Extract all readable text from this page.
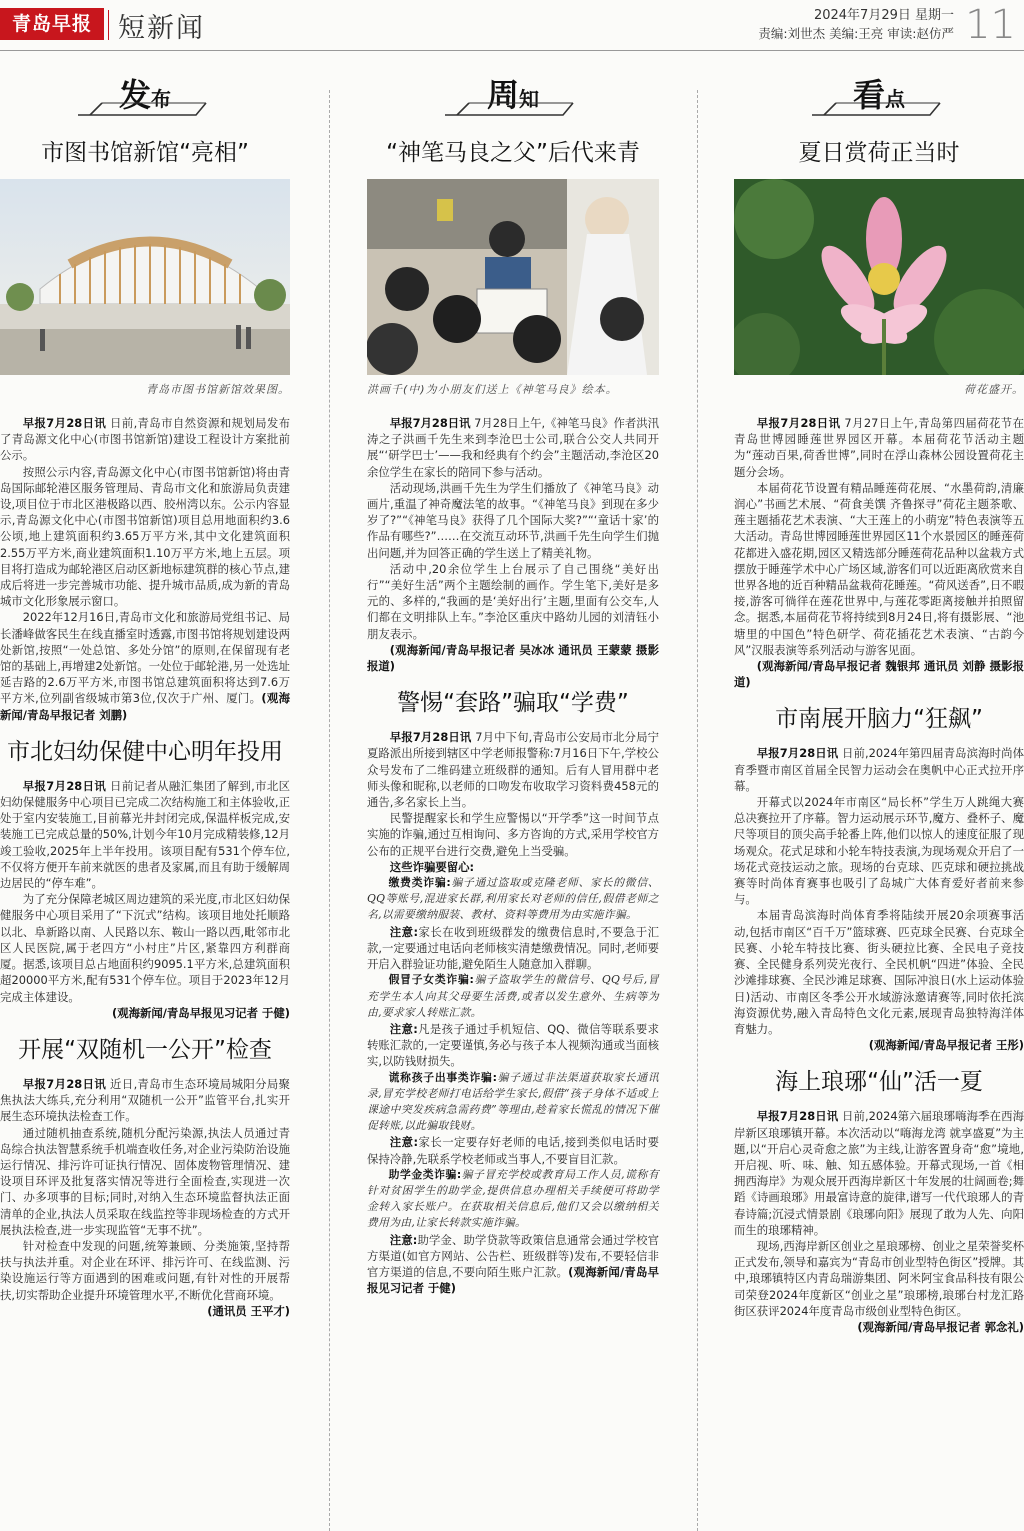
青岛早报 短新闻	2024年7月29日 星期一
责编:刘世杰 美编:王亮 审读:赵仿严 11
发布
市图书馆新馆“亮相”
青岛市图书馆新馆效果图。

早报7月28日讯 日前,青岛市自然资源和规划局发布了青岛源文化中心(市图书馆新馆)建设工程设计方案批前公示。

按照公示内容,青岛源文化中心(市图书馆新馆)将由青岛国际邮轮港区服务管理局、青岛市文化和旅游局负责建设,项目位于市北区港极路以西、胶州湾以东。公示内容显示,青岛源文化中心(市图书馆新馆)项目总用地面积约3.6公顷,地上建筑面积约3.65万平方米,其中文化建筑面积2.55万平方米,商业建筑面积1.10万平方米,地上五层。项目将打造成为邮轮港区启动区新地标建筑群的核心节点,建成后将进一步完善城市功能、提升城市品质,成为新的青岛城市文化形象展示窗口。

2022年12月16日,青岛市文化和旅游局党组书记、局长潘峰做客民生在线直播室时透露,市图书馆将规划建设两处新馆,按照“一处总馆、多处分馆”的原则,在保留现有老馆的基础上,再增建2处新馆。一处位于邮轮港,另一处选址延吉路的2.6万平方米,市图书馆总建筑面积将达到7.6万平方米,位列副省级城市第3位,仅次于广州、厦门。(观海新闻/青岛早报记者 刘鹏)

市北妇幼保健中心明年投用

早报7月28日讯 日前记者从融汇集团了解到,市北区妇幼保健服务中心项目已完成二次结构施工和主体验收,正处于室内安装施工,目前幕光井封闭完成,保温样板完成,安装施工已完成总量的50%,计划今年10月完成精装修,12月竣工验收,2025年上半年投用。该项目配有531个停车位,不仅将方便开车前来就医的患者及家属,而且有助于缓解周边居民的“停车难”。

为了充分保障老城区周边建筑的采光度,市北区妇幼保健服务中心项目采用了“下沉式”结构。该项目地处托顺路以北、阜新路以南、人民路以东、鞍山一路以西,毗邻市北区人民医院,属于老四方“小村庄”片区,紧靠四方利群商厦。据悉,该项目总占地面积约9095.1平方米,总建筑面积超20000平方米,配有531个停车位。项目于2023年12月完成主体建设。

(观海新闻/青岛早报见习记者 于健)

开展“双随机一公开”检查

早报7月28日讯 近日,青岛市生态环境局城阳分局聚焦执法大练兵,充分利用“双随机一公开”监管平台,扎实开展生态环境执法检查工作。

通过随机抽查系统,随机分配污染源,执法人员通过青岛综合执法智慧系统手机端查收任务,对企业污染防治设施运行情况、排污许可证执行情况、固体废物管理情况、建设项目环评及批复落实情况等进行全面检查,实现进一次门、办多项事的目标;同时,对纳入生态环境监督执法正面清单的企业,执法人员采取在线监控等非现场检查的方式开展执法检查,进一步实现监管“无事不扰”。

针对检查中发现的问题,统筹兼顾、分类施策,坚持帮扶与执法并重。对企业在环评、排污许可、在线监测、污染设施运行等方面遇到的困难或问题,有针对性的开展帮扶,切实帮助企业提升环境管理水平,不断优化营商环境。

(通讯员 王平才)

周知
“神笔马良之父”后代来青
洪画千(中)为小朋友们送上《神笔马良》绘本。

早报7月28日讯 7月28日上午,《神笔马良》作者洪汛涛之子洪画千先生来到李沧巴士公司,联合公交人共同开展“‘研学巴士’——我和经典有个约会”主题活动,李沧区20余位学生在家长的陪同下参与活动。

活动现场,洪画千先生为学生们播放了《神笔马良》动画片,重温了神奇魔法笔的故事。“《神笔马良》到现在多少岁了?”“《神笔马良》获得了几个国际大奖?”“‘童话十家’的作品有哪些?”……在交流互动环节,洪画千先生向学生们抛出问题,并为回答正确的学生送上了精美礼物。

活动中,20余位学生上台展示了自己围绕“美好出行”“美好生活”两个主题绘制的画作。学生笔下,美好是多元的、多样的,“我画的是‘美好出行’主题,里面有公交车,人们都在文明排队上车。”李沧区重庆中路幼儿园的刘清钰小朋友表示。

(观海新闻/青岛早报记者 吴冰冰 通讯员 王蒙蒙 摄影报道)

警惕“套路”骗取“学费”

早报7月28日讯 7月中下旬,青岛市公安局市北分局宁夏路派出所接到辖区中学老师报警称:7月16日下午,学校公众号发布了二维码建立班级群的通知。后有人冒用群中老师头像和昵称,以老师的口吻发布收取学习资料费458元的通告,多名家长上当。

民警提醒家长和学生应警惕以“开学季”这一时间节点实施的诈骗,通过互相询问、多方咨询的方式,采用学校官方公布的正规平台进行交费,避免上当受骗。

这些诈骗要留心:

缴费类诈骗:骗子通过盗取或克隆老师、家长的微信、QQ等账号,混进家长群,利用家长对老师的信任,假借老师之名,以需要缴纳服装、教材、资料等费用为由实施诈骗。

注意:家长在收到班级群发的缴费信息时,不要急于汇款,一定要通过电话向老师核实清楚缴费情况。同时,老师要开启入群验证功能,避免陌生人随意加入群聊。

假冒子女类诈骗:骗子盗取学生的微信号、QQ号后,冒充学生本人向其父母要生活费,或者以发生意外、生病等为由,要求家人转账汇款。

注意:凡是孩子通过手机短信、QQ、微信等联系要求转账汇款的,一定要谨慎,务必与孩子本人视频沟通或当面核实,以防钱财损失。

谎称孩子出事类诈骗:骗子通过非法渠道获取家长通讯录,冒充学校老师打电话给学生家长,假借“孩子身体不适或上课途中突发疾病急需药费”等理由,趁着家长慌乱的情况下催促转账,以此骗取钱财。

注意:家长一定要存好老师的电话,接到类似电话时要保持冷静,先联系学校老师或当事人,不要盲目汇款。

助学金类诈骗:骗子冒充学校或教育局工作人员,谎称有针对贫困学生的助学金,提供信息办理相关手续便可将助学金转入家长账户。在获取相关信息后,他们又会以缴纳相关费用为由,让家长转款实施诈骗。

注意:助学金、助学贷款等政策信息通常会通过学校官方渠道(如官方网站、公告栏、班级群等)发布,不要轻信非官方渠道的信息,不要向陌生账户汇款。(观海新闻/青岛早报见习记者 于健)

看点
夏日赏荷正当时
荷花盛开。

早报7月28日讯 7月27日上午,青岛第四届荷花节在青岛世博园睡莲世界园区开幕。本届荷花节活动主题为“莲动百果,荷香世博”,同时在浮山森林公园设置荷花主题分会场。

本届荷花节设置有精品睡莲荷花展、“水墨荷韵,清廉润心”书画艺术展、“荷食美馔 齐鲁探寻”荷花主题茶歌、莲主题插花艺术表演、“大王莲上的小萌宠”特色表演等五大活动。青岛世博园睡莲世界园区11个水景园区的睡莲荷花都进入盛花期,园区又精选部分睡莲荷花品种以盆栽方式摆放于睡莲学术中心广场区域,游客们可以近距离欣赏来自世界各地的近百种精品盆栽荷花睡莲。“荷风送香”,日不暇接,游客可徜徉在莲花世界中,与莲花零距离接触并拍照留念。据悉,本届荷花节将持续到8月24日,将有摄影展、“池塘里的中国色”特色研学、荷花插花艺术表演、“古韵今风”汉服表演等系列活动与游客见面。

(观海新闻/青岛早报记者 魏银邦 通讯员 刘静 摄影报道)

市南展开脑力“狂飙”

早报7月28日讯 日前,2024年第四届青岛滨海时尚体育季暨市南区首届全民智力运动会在奥帆中心正式拉开序幕。

开幕式以2024年市南区“局长杯”学生万人跳绳大赛总决赛拉开了序幕。智力运动展示环节,魔方、叠杯子、魔尺等项目的顶尖高手轮番上阵,他们以惊人的速度征服了现场观众。花式足球和小轮车特技表演,为现场观众开启了一场花式竞技运动之旅。现场的台克球、匹克球和硬拉挑战赛等时尚体育赛事也吸引了岛城广大体育爱好者前来参与。

本届青岛滨海时尚体育季将陆续开展20余项赛事活动,包括市南区“百千万”篮球赛、匹克球全民赛、台克球全民赛、小轮车特技比赛、街头硬拉比赛、全民电子竞技赛、全民健身系列荧光夜行、全民机帆“四进”体验、全民沙滩排球赛、全民沙滩足球赛、国际冲浪日(水上运动体验日)活动、市南区冬季公开水域游泳邀请赛等,同时依托滨海资源优势,融入青岛特色文化元素,展现青岛独特海洋体育魅力。

(观海新闻/青岛早报记者 王彤)

海上琅琊“仙”活一夏

早报7月28日讯 日前,2024第六届琅琊嗨海季在西海岸新区琅琊镇开幕。本次活动以“嗨海龙湾 就享盛夏”为主题,以“开启心灵奇愈之旅”为主线,让游客置身奇“愈”境地,开启视、听、味、触、知五感体验。开幕式现场,一首《相拥西海岸》为观众展开西海岸新区十年发展的壮阔画卷;舞蹈《诗画琅琊》用最富诗意的旋律,谱写一代代琅琊人的青春诗篇;沉浸式情景剧《琅琊向阳》展现了敢为人先、向阳而生的琅琊精神。

现场,西海岸新区创业之星琅琊榜、创业之星荣誉奖杯正式发布,领导和嘉宾为“青岛市创业型特色街区”授牌。其中,琅琊镇特区内青岛瑞游集团、阿米阿宝食品科技有限公司荣登2024年度新区“创业之星”琅琊榜,琅琊台村龙汇路街区获评2024年度青岛市级创业型特色街区。

(观海新闻/青岛早报记者 郭念礼)
